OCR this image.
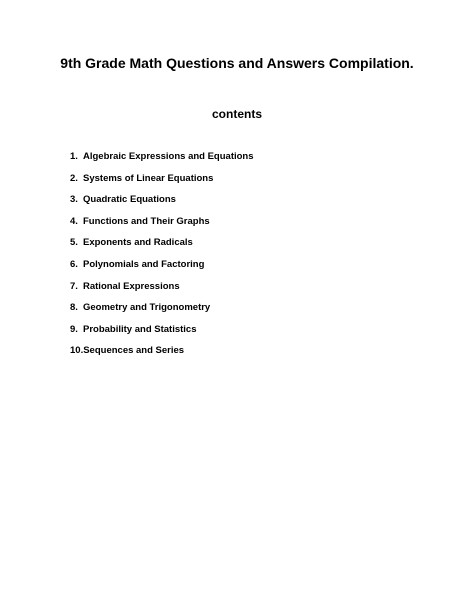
9th Grade Math Questions and Answers Compilation.
contents
1. Algebraic Expressions and Equations
2. Systems of Linear Equations
3. Quadratic Equations
4. Functions and Their Graphs
5. Exponents and Radicals
6. Polynomials and Factoring
7. Rational Expressions
8. Geometry and Trigonometry
9. Probability and Statistics
10. Sequences and Series
